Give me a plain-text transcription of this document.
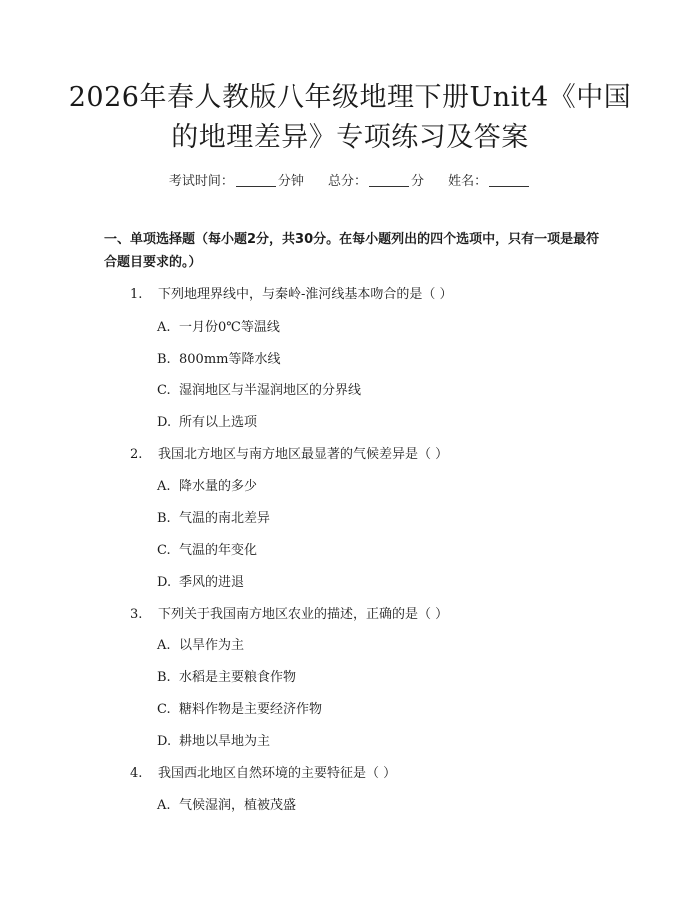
2026年春人教版八年级地理下册Unit4《中国的地理差异》专项练习及答案
考试时间：	分钟 总分：	分 姓名：
一、单项选择题（每小题2分，共30分。在每小题列出的四个选项中，只有一项是最符合题目要求的。）
1. 下列地理界线中，与秦岭-淮河线基本吻合的是（ ）
A. 一月份0℃等温线
B. 800mm等降水线
C. 湿润地区与半湿润地区的分界线
D. 所有以上选项
2. 我国北方地区与南方地区最显著的气候差异是（ ）
A. 降水量的多少
B. 气温的南北差异
C. 气温的年变化
D. 季风的进退
3. 下列关于我国南方地区农业的描述，正确的是（ ）
A. 以旱作为主
B. 水稻是主要粮食作物
C. 糖料作物是主要经济作物
D. 耕地以旱地为主
4. 我国西北地区自然环境的主要特征是（ ）
A. 气候湿润，植被茂盛
